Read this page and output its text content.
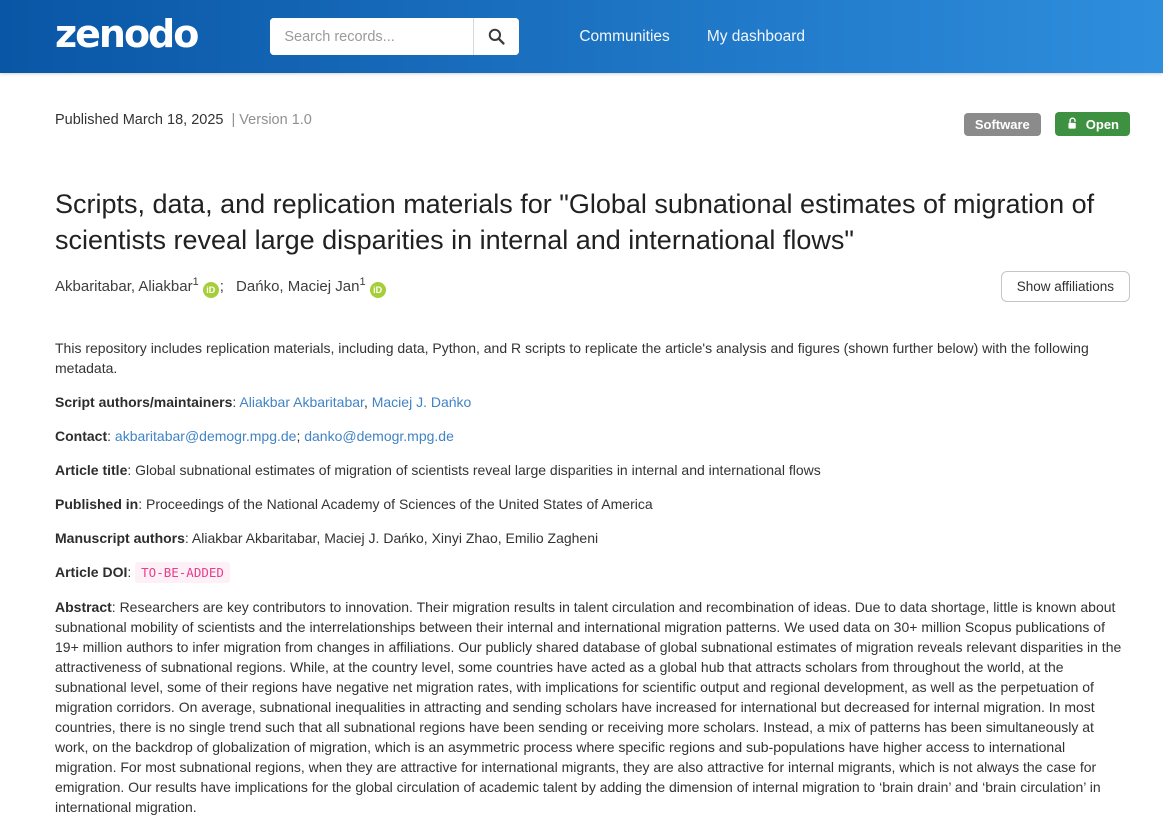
zenodo
Search records...	Communities My dashboard
Published March 18, 2025 | Version 1.0	Software	Open
Scripts, data, and replication materials for "Global subnational estimates of migration of scientists reveal large disparities in internal and international flows"
Akbaritabar, Aliakbar$^1$iD ; Dańko, Maciej Jan$^1$iD	Show affiliations

This repository includes replication materials, including data, Python, and R scripts to replicate the article's analysis and figures (shown further below) with the following metadata.

Script authors/maintainers: Aliakbar Akbaritabar, Maciej J. Dańko

Contact: akbaritabar@demogr.mpg.de; danko@demogr.mpg.de

Article title: Global subnational estimates of migration of scientists reveal large disparities in internal and international flows

Published in: Proceedings of the National Academy of Sciences of the United States of America

Manuscript authors: Aliakbar Akbaritabar, Maciej J. Dańko, Xinyi Zhao, Emilio Zagheni

Article DOI: TO-BE-ADDED

Abstract: Researchers are key contributors to innovation. Their migration results in talent circulation and recombination of ideas. Due to data shortage, little is known about subnational mobility of scientists and the interrelationships between their internal and international migration patterns. We used data on 30+ million Scopus publications of 19+ million authors to infer migration from changes in affiliations. Our publicly shared database of global subnational estimates of migration reveals relevant disparities in the attractiveness of subnational regions. While, at the country level, some countries have acted as a global hub that attracts scholars from throughout the world, at the subnational level, some of their regions have negative net migration rates, with implications for scientific output and regional development, as well as the perpetuation of migration corridors. On average, subnational inequalities in attracting and sending scholars have increased for international but decreased for internal migration. In most countries, there is no single trend such that all subnational regions have been sending or receiving more scholars. Instead, a mix of patterns has been simultaneously at work, on the backdrop of globalization of migration, which is an asymmetric process where specific regions and sub-populations have higher access to international migration. For most subnational regions, when they are attractive for international migrants, they are also attractive for internal migrants, which is not always the case for emigration. Our results have implications for the global circulation of academic talent by adding the dimension of internal migration to ‘brain drain’ and ‘brain circulation’ in international migration.
